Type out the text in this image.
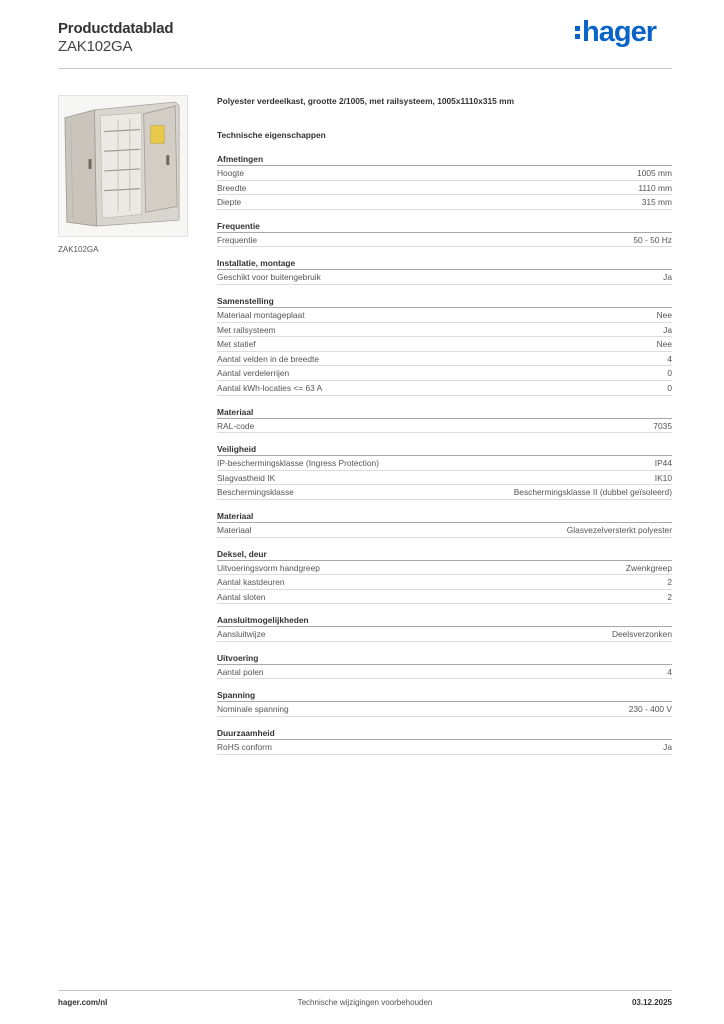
Productdatablad
ZAK102GA	hager
ZAK102GA
Polyester verdeelkast, grootte 2/1005, met railsysteem, 1005x1110x315 mm
Technische eigenschappen
Afmetingen
Hoogte	1005 mm
Breedte	1110 mm
Diepte	315 mm
Frequentie
Frequentie	50 - 50 Hz
Installatie, montage
Geschikt voor buitengebruik	Ja
Samenstelling
Materiaal montageplaat	Nee
Met railsysteem	Ja
Met statief	Nee
Aantal velden in de breedte	4
Aantal verdelerrijen	0
Aantal kWh-locaties <= 63 A	0
Materiaal
RAL-code	7035
Veiligheid
IP-beschermingsklasse (Ingress Protection)	IP44
Slagvastheid IK	IK10
Beschermingsklasse	Beschermingsklasse II (dubbel geïsoleerd)
Materiaal
Materiaal	Glasvezelversterkt polyester
Deksel, deur
Uitvoeringsvorm handgreep	Zwenkgreep
Aantal kastdeuren	2
Aantal sloten	2
Aansluitmogelijkheden
Aansluitwijze	Deelsverzonken
Uitvoering
Aantal polen	4
Spanning
Nominale spanning	230 - 400 V
Duurzaamheid
RoHS conform	Ja
hager.com/nl	Technische wijzigingen voorbehouden	03.12.2025
